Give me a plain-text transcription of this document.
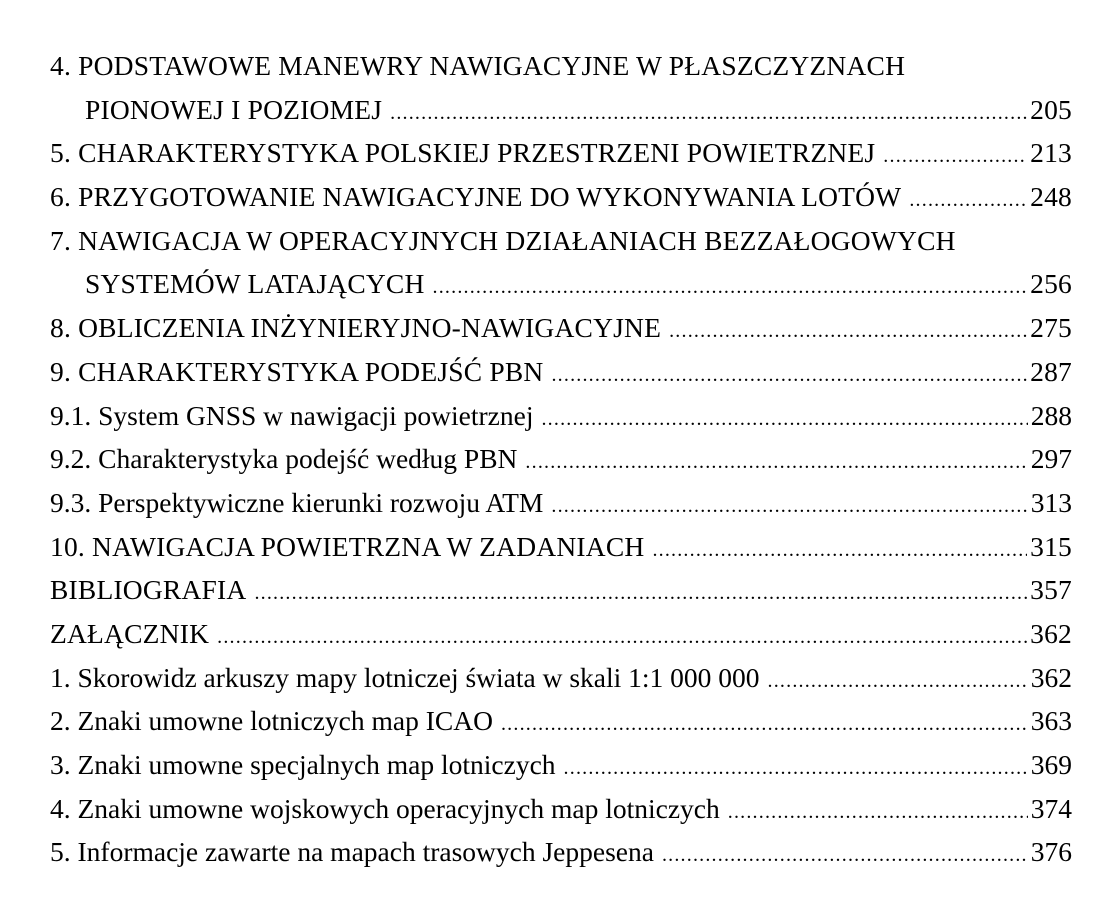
4. PODSTAWOWE MANEWRY NAWIGACYJNE W PŁASZCZYZNACH
PIONOWEJ I POZIOMEJ .....	205
5. CHARAKTERYSTYKA POLSKIEJ PRZESTRZENI POWIETRZNEJ .....	213
6. PRZYGOTOWANIE NAWIGACYJNE DO WYKONYWANIA LOTÓW .....	248
7. NAWIGACJA W OPERACYJNYCH DZIAŁANIACH BEZZAŁOGOWYCH
SYSTEMÓW LATAJĄCYCH .....	256
8. OBLICZENIA INŻYNIERYJNO-NAWIGACYJNE .....	275
9. CHARAKTERYSTYKA PODEJŚĆ PBN .....	287
9.1. System GNSS w nawigacji powietrznej .....	288
9.2. Charakterystyka podejść według PBN .....	297
9.3. Perspektywiczne kierunki rozwoju ATM .....	313
10. NAWIGACJA POWIETRZNA W ZADANIACH .....	315
BIBLIOGRAFIA .....	357
ZAŁĄCZNIK .....	362
1. Skorowidz arkuszy mapy lotniczej świata w skali 1:1 000 000 .....	362
2. Znaki umowne lotniczych map ICAO .....	363
3. Znaki umowne specjalnych map lotniczych .....	369
4. Znaki umowne wojskowych operacyjnych map lotniczych .....	374
5. Informacje zawarte na mapach trasowych Jeppesena .....	376
